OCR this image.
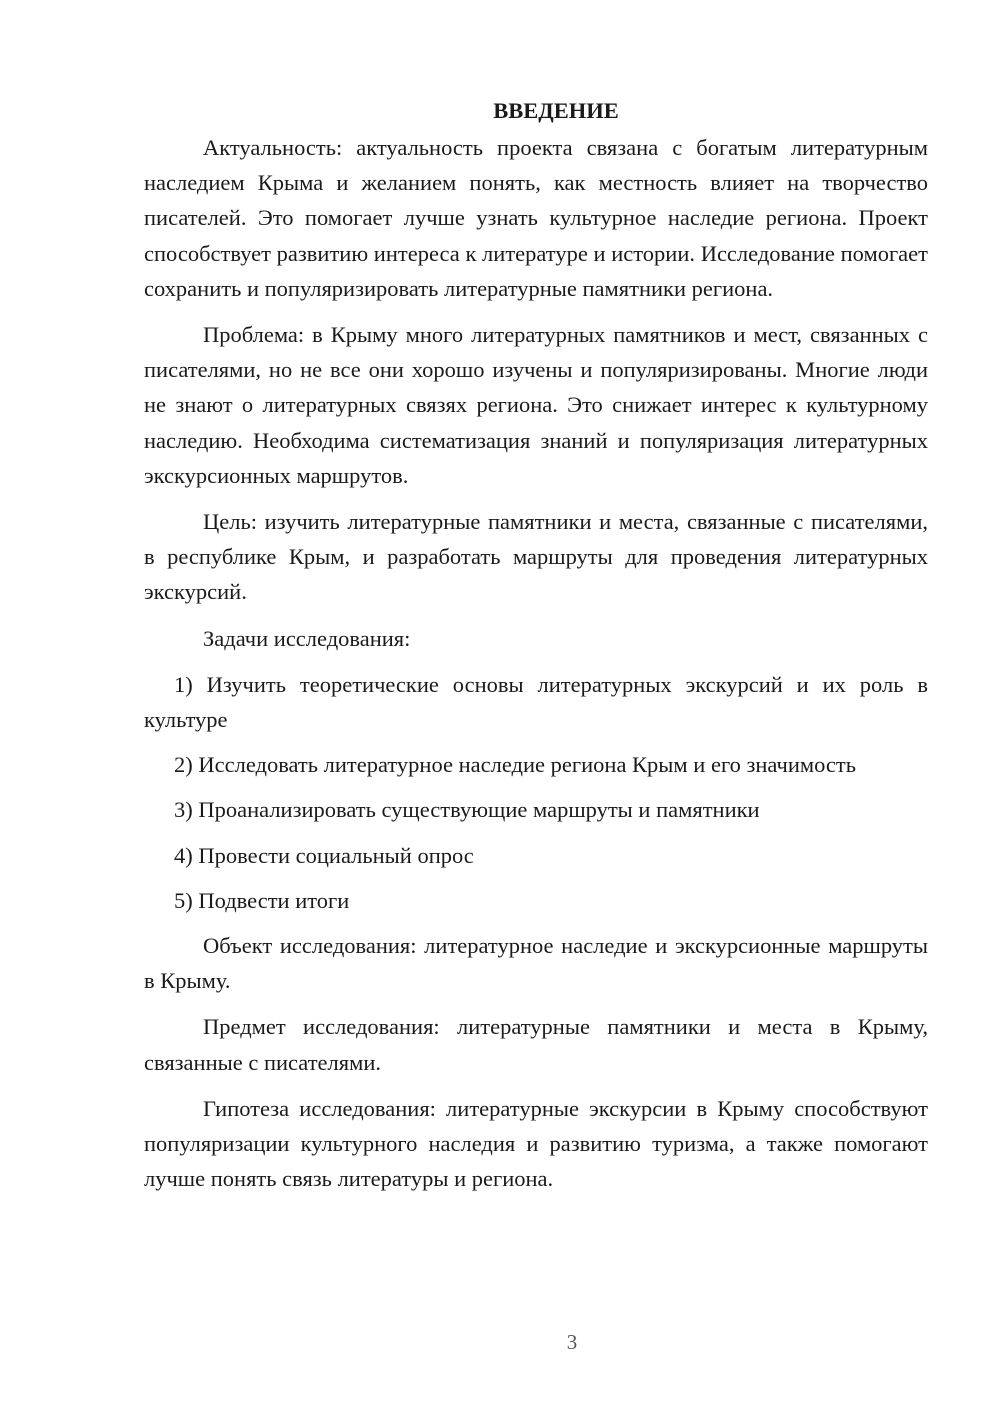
ВВЕДЕНИЕ

Актуальность: актуальность проекта связана с богатым литературным наследием Крыма и желанием понять, как местность влияет на творчество писателей. Это помогает лучше узнать культурное наследие региона. Проект способствует развитию интереса к литературе и истории. Исследование помогает сохранить и популяризировать литературные памятники региона.

Проблема: в Крыму много литературных памятников и мест, связанных с писателями, но не все они хорошо изучены и популяризированы. Многие люди не знают о литературных связях региона. Это снижает интерес к культурному наследию. Необходима систематизация знаний и популяризация литературных экскурсионных маршрутов.

Цель: изучить литературные памятники и места, связанные с писателями, в республике Крым, и разработать маршруты для проведения литературных экскурсий.

Задачи исследования:

1) Изучить теоретические основы литературных экскурсий и их роль в культуре

2) Исследовать литературное наследие региона Крым и его значимость

3) Проанализировать существующие маршруты и памятники

4) Провести социальный опрос

5) Подвести итоги

Объект исследования: литературное наследие и экскурсионные маршруты в Крыму.

Предмет исследования: литературные памятники и места в Крыму, связанные с писателями.

Гипотеза исследования: литературные экскурсии в Крыму способствуют популяризации культурного наследия и развитию туризма, а также помогают лучше понять связь литературы и региона.

3
